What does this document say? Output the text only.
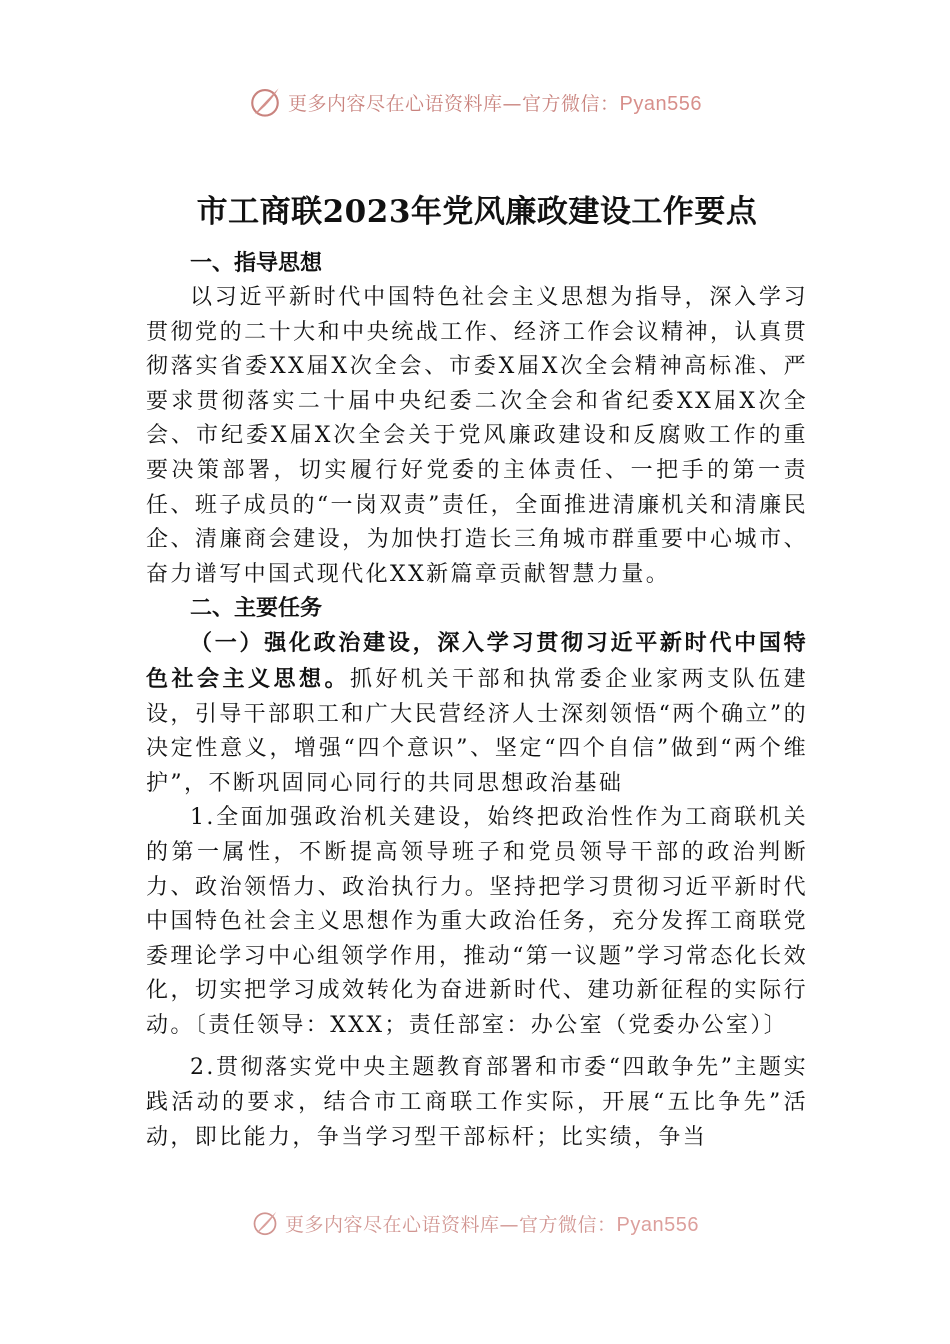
更多内容尽在心语资料库—官方微信：Pyan556
市工商联2023年党风廉政建设工作要点

一、指导思想

以习近平新时代中国特色社会主义思想为指导，深入学习贯彻党的二十大和中央统战工作、经济工作会议精神，认真贯彻落实省委XX届X次全会、市委X届X次全会精神高标准、严要求贯彻落实二十届中央纪委二次全会和省纪委XX届X次全会、市纪委X届X次全会关于党风廉政建设和反腐败工作的重要决策部署，切实履行好党委的主体责任、一把手的第一责任、班子成员的“一岗双责”责任，全面推进清廉机关和清廉民企、清廉商会建设，为加快打造长三角城市群重要中心城市、奋力谱写中国式现代化XX新篇章贡献智慧力量。

二、主要任务

（一）强化政治建设，深入学习贯彻习近平新时代中国特色社会主义思想。抓好机关干部和执常委企业家两支队伍建设，引导干部职工和广大民营经济人士深刻领悟“两个确立”的决定性意义，增强“四个意识”、坚定“四个自信”做到“两个维护”，不断巩固同心同行的共同思想政治基础

1.全面加强政治机关建设，始终把政治性作为工商联机关的第一属性，不断提高领导班子和党员领导干部的政治判断力、政治领悟力、政治执行力。坚持把学习贯彻习近平新时代中国特色社会主义思想作为重大政治任务，充分发挥工商联党委理论学习中心组领学作用，推动“第一议题”学习常态化长效化，切实把学习成效转化为奋进新时代、建功新征程的实际行动。〔责任领导：XXX；责任部室：办公室（党委办公室）〕

2.贯彻落实党中央主题教育部署和市委“四敢争先”主题实践活动的要求，结合市工商联工作实际，开展“五比争先”活动，即比能力，争当学习型干部标杆；比实绩，争当

更多内容尽在心语资料库—官方微信：Pyan556
